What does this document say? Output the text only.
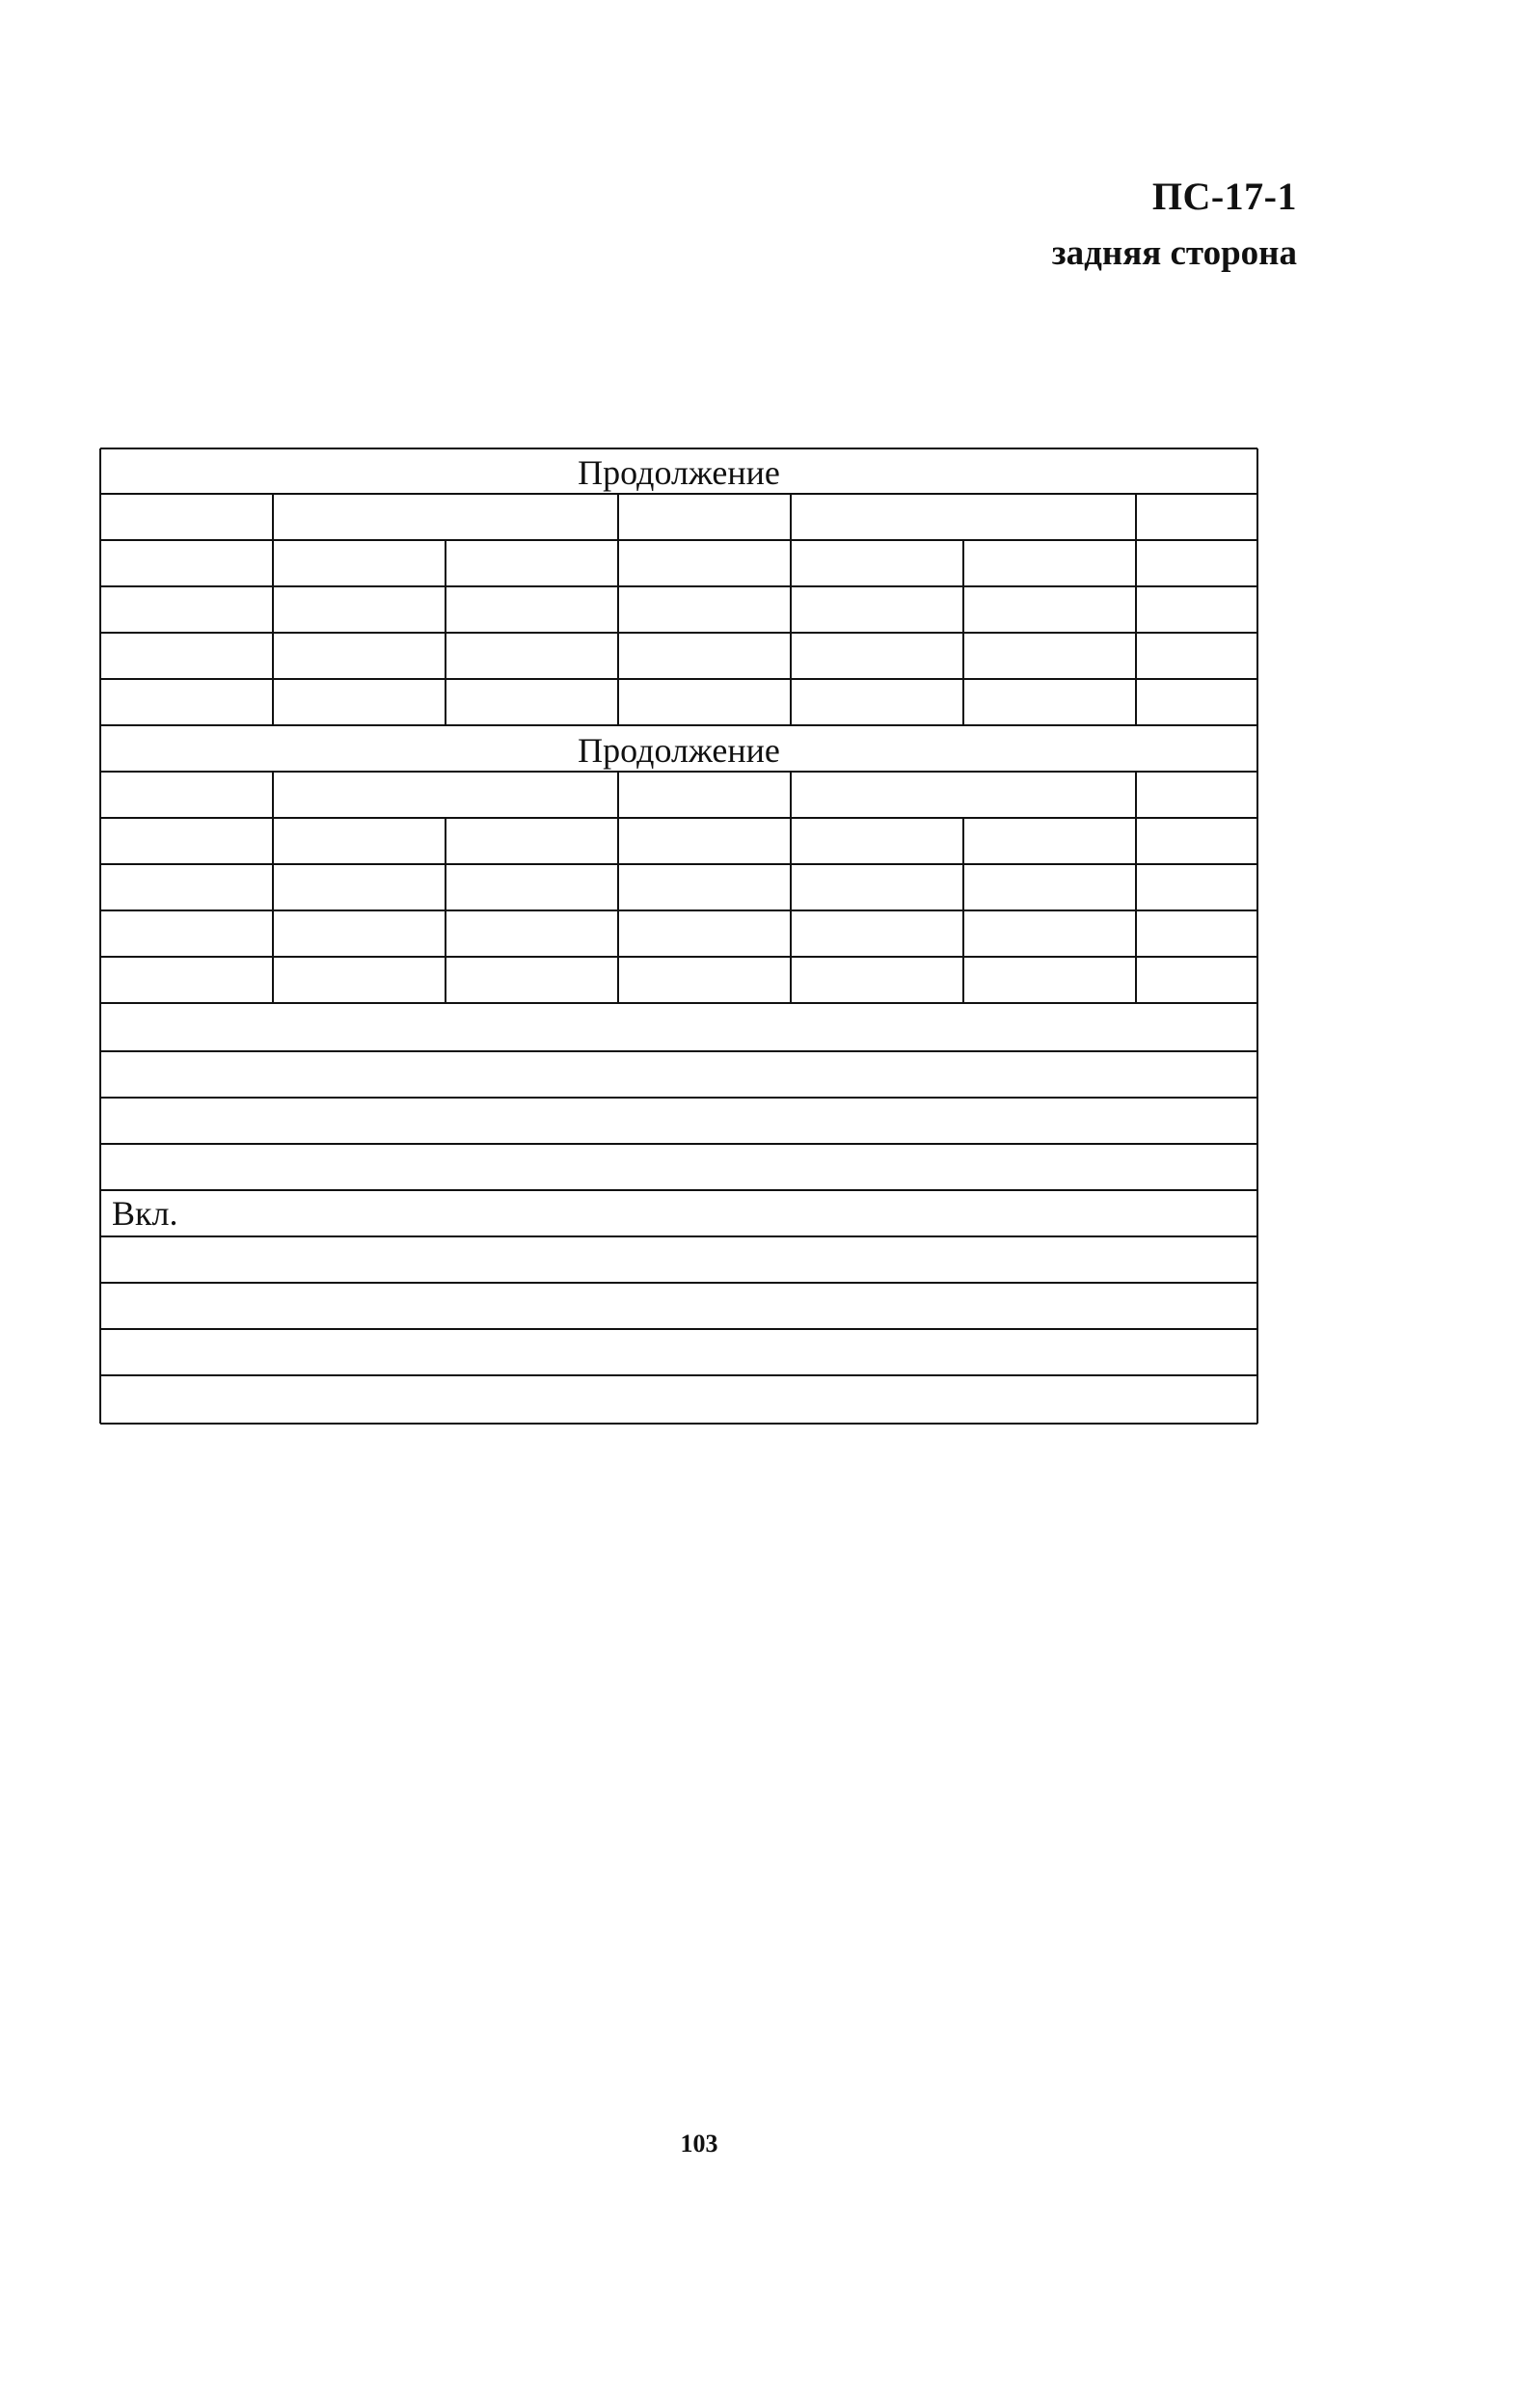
ПС-17-1
задняя сторона
Продолжение
Продолжение
Вкл.
103
